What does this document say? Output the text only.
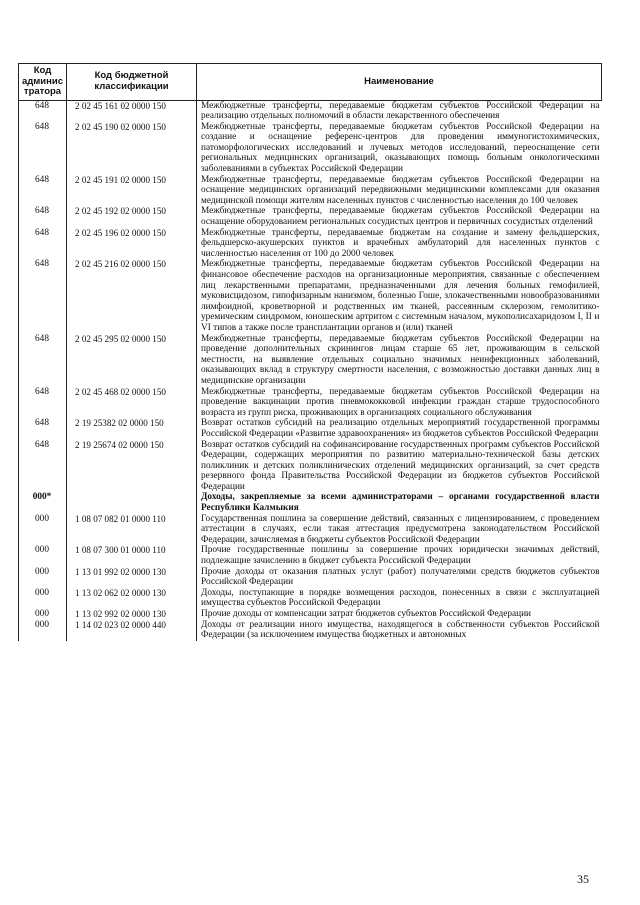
Код админис тратора	Код бюджетной классификации	Наименование
648	2 02 45 161 02 0000 150	Межбюджетные трансферты, передаваемые бюджетам субъектов Российской Федерации на реализацию отдельных полномочий в области лекарственного обеспечения
648	2 02 45 190 02 0000 150	Межбюджетные трансферты, передаваемые бюджетам субъектов Российской Федерации на создание и оснащение референс-центров для проведения иммуногистохимических, патоморфологических исследований и лучевых методов исследований, переоснащение сети региональных медицинских организаций, оказывающих помощь больным онкологическими заболеваниями в субъектах Российской Федерации
648	2 02 45 191 02 0000 150	Межбюджетные трансферты, передаваемые бюджетам субъектов Российской Федерации на оснащение медицинских организаций передвижными медицинскими комплексами для оказания медицинской помощи жителям населенных пунктов с численностью населения до 100 человек
648	2 02 45 192 02 0000 150	Межбюджетные трансферты, передаваемые бюджетам субъектов Российской Федерации на оснащение оборудованием региональных сосудистых центров и первичных сосудистых отделений
648	2 02 45 196 02 0000 150	Межбюджетные трансферты, передаваемые бюджетам на создание и замену фельдшерских, фельдшерско-акушерских пунктов и врачебных амбулаторий для населенных пунктов с численностью населения от 100 до 2000 человек
648	2 02 45 216 02 0000 150	Межбюджетные трансферты, передаваемые бюджетам субъектов Российской Федерации на финансовое обеспечение расходов на организационные мероприятия, связанные с обеспечением лиц лекарственными препаратами, предназначенными для лечения больных гемофилией, муковисцидозом, гипофизарным нанизмом, болезнью Гоше, злокачественными новообразованиями лимфоидной, кроветворной и родственных им тканей, рассеянным склерозом, гемолитико-уремическим синдромом, юношеским артритом с системным началом, мукополисахаридозом I, II и VI типов а также после трансплантации органов и (или) тканей
648	2 02 45 295 02 0000 150	Межбюджетные трансферты, передаваемые бюджетам субъектов Российской Федерации на проведение дополнительных скринингов лицам старше 65 лет, проживающим в сельской местности, на выявление отдельных социально значимых неинфекционных заболеваний, оказывающих вклад в структуру смертности населения, с возможностью доставки данных лиц в медицинские организации
648	2 02 45 468 02 0000 150	Межбюджетные трансферты, передаваемые бюджетам субъектов Российской Федерации на проведение вакцинации против пневмококковой инфекции граждан старше трудоспособного возраста из групп риска, проживающих в организациях социального обслуживания
648	2 19 25382 02 0000 150	Возврат остатков субсидий на реализацию отдельных мероприятий государственной программы Российской Федерации «Развитие здравоохранения» из бюджетов субъектов Российской Федерации
648	2 19 25674 02 0000 150	Возврат остатков субсидий на софинансирование государственных программ субъектов Российской Федерации, содержащих мероприятия по развитию материально-технической базы детских поликлиник и детских поликлинических отделений медицинских организаций, за счет средств резервного фонда Правительства Российской Федерации из бюджетов субъектов Российской Федерации
000*		Доходы, закрепляемые за всеми администраторами – органами государственной власти Республики Калмыкия
000	1 08 07 082 01 0000 110	Государственная пошлина за совершение действий, связанных с лицензированием, с проведением аттестации в случаях, если такая аттестация предусмотрена законодательством Российской Федерации, зачисляемая в бюджеты субъектов Российской Федерации
000	1 08 07 300 01 0000 110	Прочие государственные пошлины за совершение прочих юридически значимых действий, подлежащие зачислению в бюджет субъекта Российской Федерации
000	1 13 01 992 02 0000 130	Прочие доходы от оказания платных услуг (работ) получателями средств бюджетов субъектов Российской Федерации
000	1 13 02 062 02 0000 130	Доходы, поступающие в порядке возмещения расходов, понесенных в связи с эксплуатацией имущества субъектов Российской Федерации
000	1 13 02 992 02 0000 130	Прочие доходы от компенсации затрат бюджетов субъектов Российской Федерации
000	1 14 02 023 02 0000 440	Доходы от реализации иного имущества, находящегося в собственности субъектов Российской Федерации (за исключением имущества бюджетных и автономных
35
